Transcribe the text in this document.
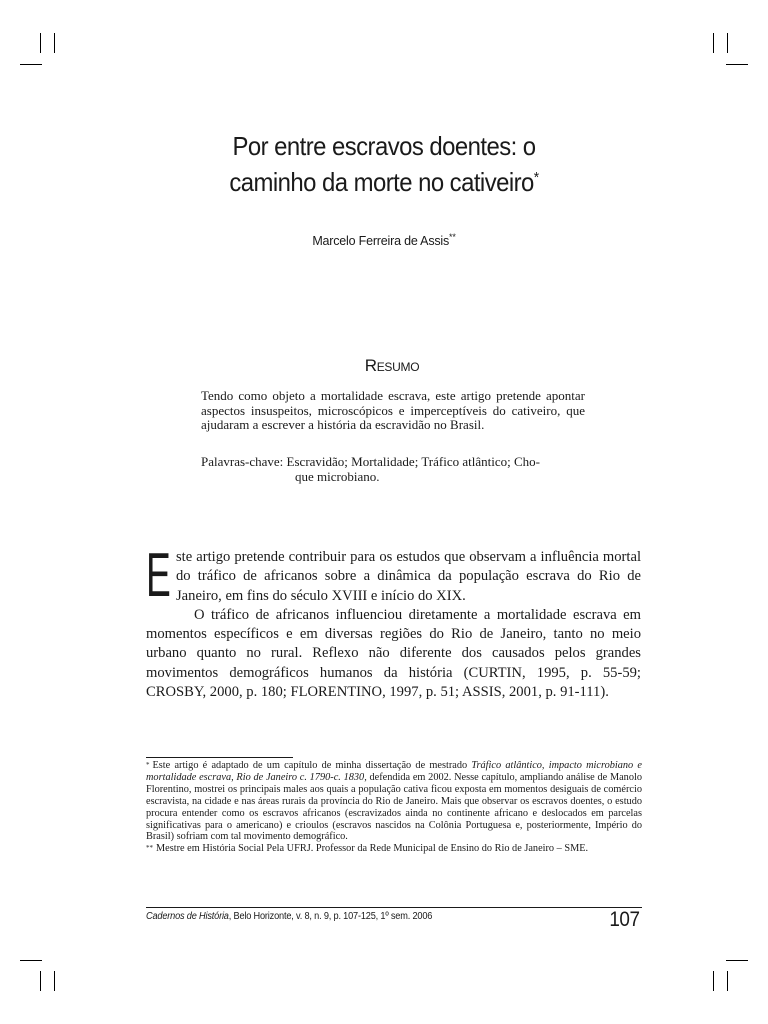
Por entre escravos doentes: o
caminho da morte no cativeiro*
Marcelo Ferreira de Assis**
Resumo

Tendo como objeto a mortalidade escrava, este artigo pretende apontar aspectos insuspeitos, microscópicos e imperceptíveis do cativeiro, que ajudaram a escrever a história da escravidão no Brasil.

Palavras-chave: Escravidão; Mortalidade; Tráfico atlântico; Cho-
que microbiano.

Este artigo pretende contribuir para os estudos que observam a influência mortal do tráfico de africanos sobre a dinâmica da população escrava do Rio de Janeiro, em fins do século XVIII e início do XIX.

O tráfico de africanos influenciou diretamente a mortalidade escrava em momentos específicos e em diversas regiões do Rio de Janeiro, tanto no meio urbano quanto no rural. Reflexo não diferente dos causados pelos grandes movimentos demográficos humanos da história (CURTIN, 1995, p. 55-59; CROSBY, 2000, p. 180; FLORENTINO, 1997, p. 51; ASSIS, 2001, p. 91-111).

* Este artigo é adaptado de um capítulo de minha dissertação de mestrado Tráfico atlântico, impacto microbiano e mortalidade escrava, Rio de Janeiro c. 1790-c. 1830, defendida em 2002. Nesse capítulo, ampliando análise de Manolo Florentino, mostrei os principais males aos quais a população cativa ficou exposta em momentos desiguais de comércio escravista, na cidade e nas áreas rurais da província do Rio de Janeiro. Mais que observar os escravos doentes, o estudo procura entender como os escravos africanos (escravizados ainda no continente africano e deslocados em parcelas significativas para o americano) e crioulos (escravos nascidos na Colônia Portuguesa e, posteriormente, Império do Brasil) sofriam com tal movimento demográfico.

** Mestre em História Social Pela UFRJ. Professor da Rede Municipal de Ensino do Rio de Janeiro – SME.

Cadernos de História, Belo Horizonte, v. 8, n. 9, p. 107-125, 1º sem. 2006	107
